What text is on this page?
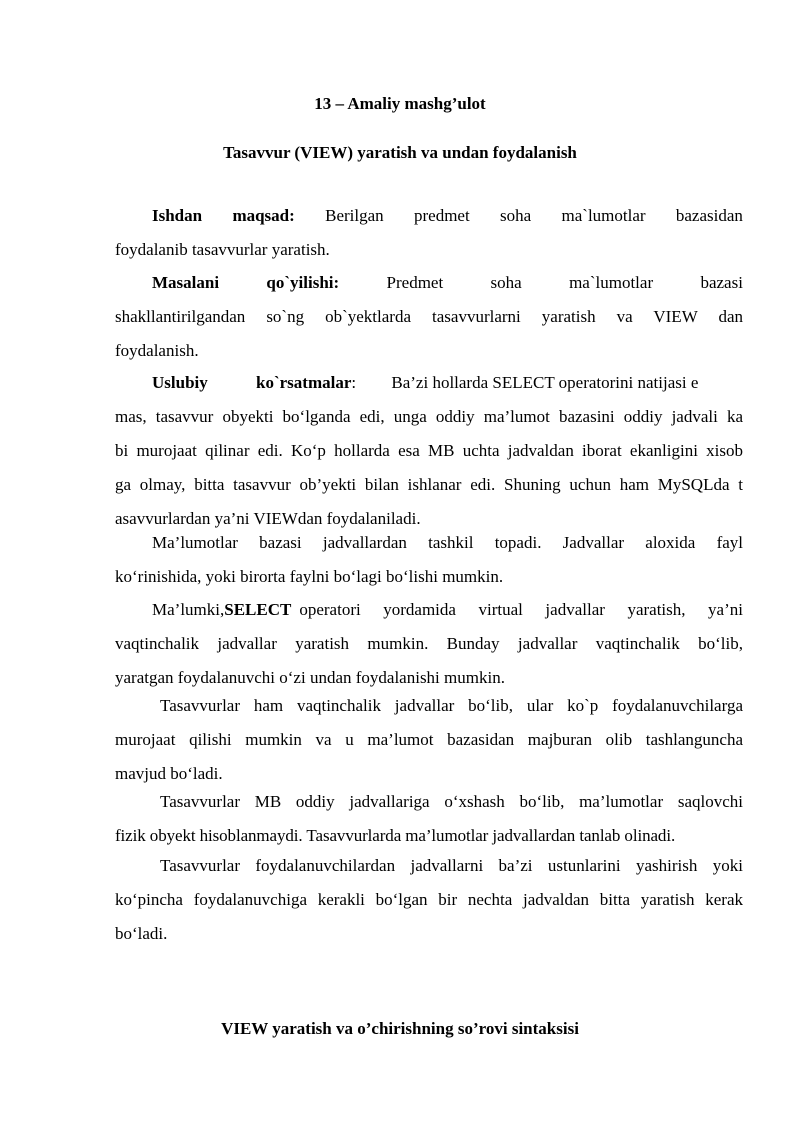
13 – Amaliy mashg’ulot
Tasavvur (VIEW) yaratish va undan foydalanish
Ishdan maqsad: Berilgan predmet soha ma`lumotlar bazasidan
foydalanib tasavvurlar yaratish.
Masalani	qo`yilishi:	Predmet	soha	ma`lumotlar	bazasi
shakllantirilgandan so`ng ob`yektlarda tasavvurlarni yaratish va VIEW dan
foydalanish.
Uslubiy	ko`rsatmalar :	Ba’zi hollarda SELECT operatorini natijasi e
mas, tasavvur obyekti bo‘lganda edi, unga oddiy ma’lumot bazasini oddiy jadvali ka
bi murojaat qilinar edi. Ko‘p hollarda esa MB uchta jadvaldan iborat ekanligini xisob
ga olmay, bitta tasavvur ob’yekti bilan ishlanar edi. Shuning uchun ham MySQLda t
asavvurlardan ya’ni VIEWdan foydalaniladi.
Ma’lumotlar bazasi jadvallardan tashkil topadi. Jadvallar aloxida fayl
ko‘rinishida, yoki birorta faylni bo‘lagi bo‘lishi mumkin.
Ma’lumki, SELECT operatori yordamida virtual jadvallar yaratish, ya’ni
vaqtinchalik jadvallar yaratish mumkin. Bunday jadvallar vaqtinchalik bo‘lib,
yaratgan foydalanuvchi o‘zi undan foydalanishi mumkin.
Tasavvurlar ham vaqtinchalik jadvallar bo‘lib, ular ko`p foydalanuvchilarga
murojaat qilishi mumkin va u ma’lumot bazasidan majburan olib tashlanguncha
mavjud bo‘ladi.
Tasavvurlar MB oddiy jadvallariga o‘xshash bo‘lib, ma’lumotlar saqlovchi
fizik obyekt hisoblanmaydi. Tasavvurlarda ma’lumotlar jadvallardan tanlab olinadi.
Tasavvurlar foydalanuvchilardan jadvallarni ba’zi ustunlarini yashirish yoki
ko‘pincha foydalanuvchiga kerakli bo‘lgan bir nechta jadvaldan bitta yaratish kerak
bo‘ladi.
VIEW yaratish va o’chirishning so’rovi sintaksisi
